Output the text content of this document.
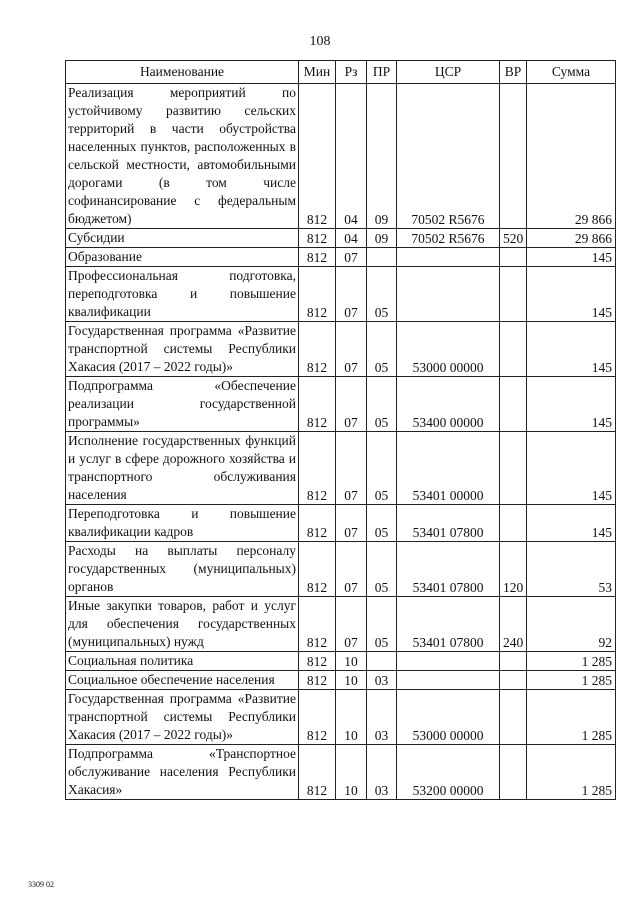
108
Наименование	Мин	Рз	ПР	ЦСР	ВР	Сумма
Реализация мероприятий по устойчивому развитию сельских территорий в части обустройства населенных пунктов, расположенных в сельской местности, автомобильными дорогами (в том числе софинансирование с федеральным бюджетом)	812	04	09	70502 R5676		29 866
Субсидии	812	04	09	70502 R5676	520	29 866
Образование	812	07				145
Профессиональная подготовка, переподготовка и повышение квалификации	812	07	05			145
Государственная программа «Развитие транспортной системы Республики Хакасия (2017 – 2022 годы)»	812	07	05	53000 00000		145
Подпрограмма «Обеспечение реализации государственной программы»	812	07	05	53400 00000		145
Исполнение государственных функций и услуг в сфере дорожного хозяйства и транспортного обслуживания населения	812	07	05	53401 00000		145
Переподготовка и повышение квалификации кадров	812	07	05	53401 07800		145
Расходы на выплаты персоналу государственных (муниципальных) органов	812	07	05	53401 07800	120	53
Иные закупки товаров, работ и услуг для обеспечения государственных (муниципальных) нужд	812	07	05	53401 07800	240	92
Социальная политика	812	10				1 285
Социальное обеспечение населения	812	10	03			1 285
Государственная программа «Развитие транспортной системы Республики Хакасия (2017 – 2022 годы)»	812	10	03	53000 00000		1 285
Подпрограмма «Транспортное обслуживание населения Республики Хакасия»	812	10	03	53200 00000		1 285
3309 02
